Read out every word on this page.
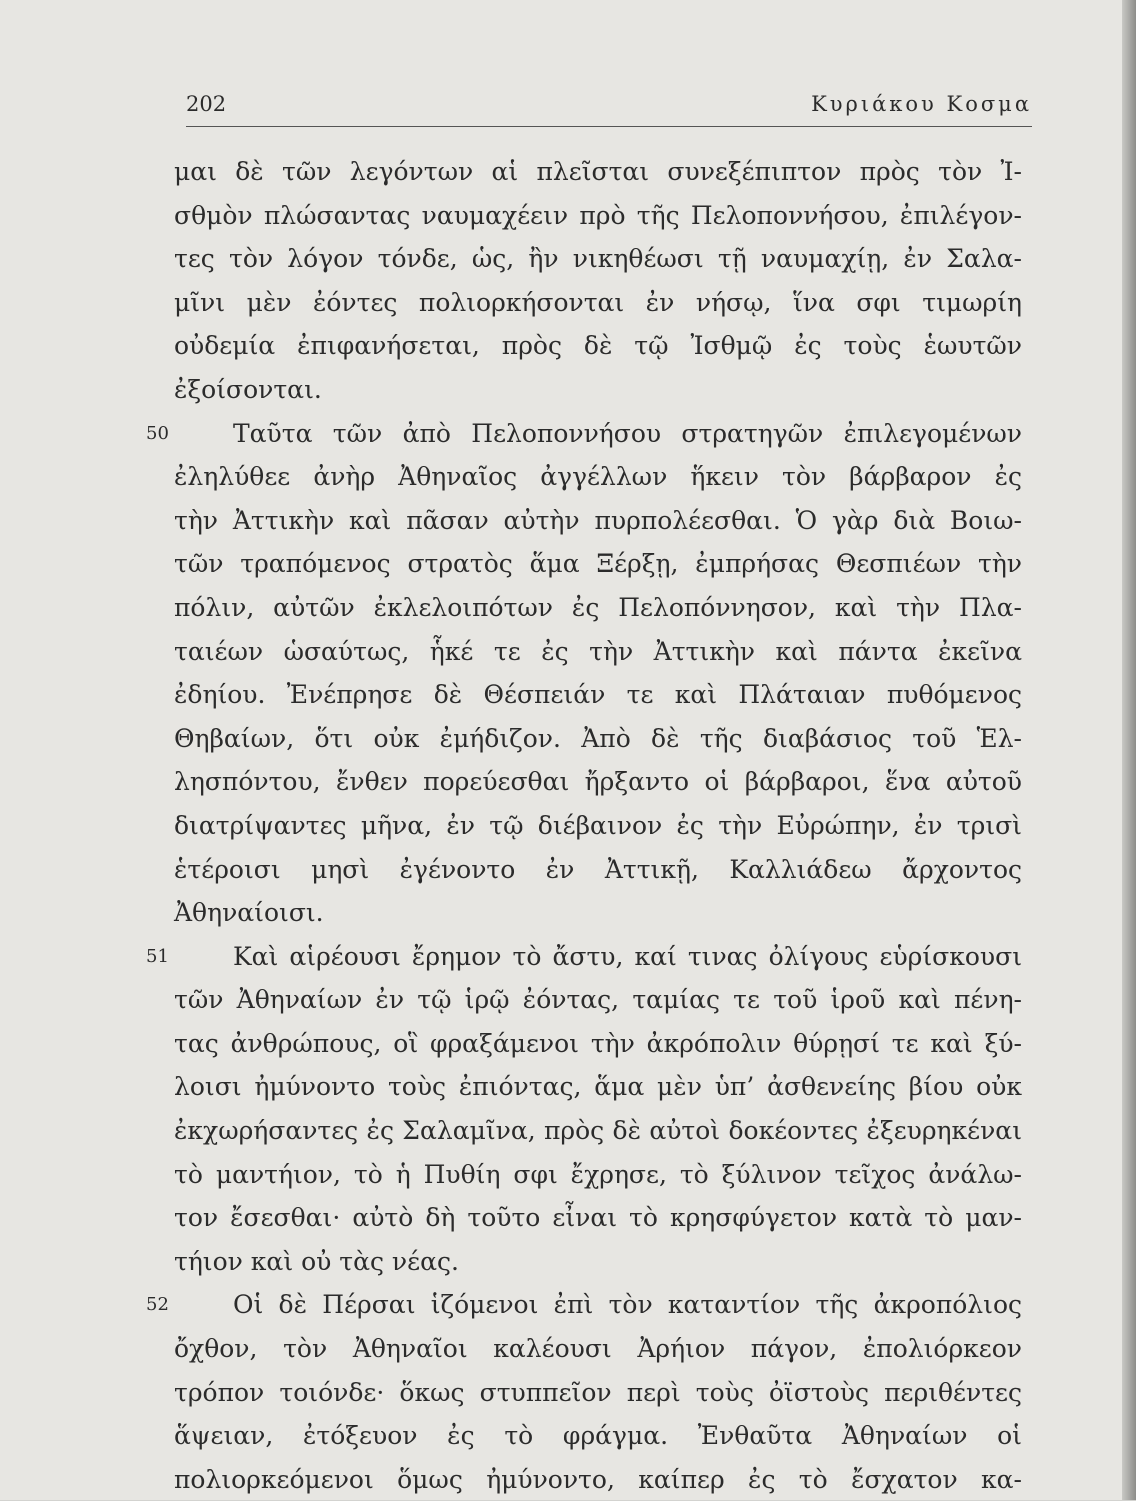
202	Κυριάκου Κοσμα
μαι δὲ τῶν λεγόντων αἱ πλεῖσται συνεξέπιπτον πρὸς τὸν Ἰ-
σθμὸν πλώσαντας ναυμαχέειν πρὸ τῆς Πελοποννήσου, ἐπιλέγον-
τες τὸν λόγον τόνδε, ὡς, ἢν νικηθέωσι τῇ ναυμαχίῃ, ἐν Σαλα-
μῖνι μὲν ἐόντες πολιορκήσονται ἐν νήσῳ, ἵνα σφι τιμωρίη
οὐδεμία ἐπιφανήσεται, πρὸς δὲ τῷ Ἰσθμῷ ἐς τοὺς ἑωυτῶν
ἐξοίσονται.
50	Ταῦτα τῶν ἀπὸ Πελοποννήσου στρατηγῶν ἐπιλεγομένων
ἐληλύθεε ἀνὴρ Ἀθηναῖος ἀγγέλλων ἥκειν τὸν βάρβαρον ἐς
τὴν Ἀττικὴν καὶ πᾶσαν αὐτὴν πυρπολέεσθαι. Ὁ γὰρ διὰ Βοιω-
τῶν τραπόμενος στρατὸς ἅμα Ξέρξῃ, ἐμπρήσας Θεσπιέων τὴν
πόλιν, αὐτῶν ἐκλελοιπότων ἐς Πελοπόννησον, καὶ τὴν Πλα-
ταιέων ὡσαύτως, ἧκέ τε ἐς τὴν Ἀττικὴν καὶ πάντα ἐκεῖνα
ἐδηίου. Ἐνέπρησε δὲ Θέσπειάν τε καὶ Πλάταιαν πυθόμενος
Θηβαίων, ὅτι οὐκ ἐμήδιζον. Ἀπὸ δὲ τῆς διαβάσιος τοῦ Ἑλ-
λησπόντου, ἔνθεν πορεύεσθαι ἤρξαντο οἱ βάρβαροι, ἕνα αὐτοῦ
διατρίψαντες μῆνα, ἐν τῷ διέβαινον ἐς τὴν Εὐρώπην, ἐν τρισὶ
ἑτέροισι μησὶ ἐγένοντο ἐν Ἀττικῇ, Καλλιάδεω ἄρχοντος
Ἀθηναίοισι.
51	Καὶ αἱρέουσι ἔρημον τὸ ἄστυ, καί τινας ὀλίγους εὑρίσκουσι
τῶν Ἀθηναίων ἐν τῷ ἱρῷ ἐόντας, ταμίας τε τοῦ ἱροῦ καὶ πένη-
τας ἀνθρώπους, οἳ φραξάμενοι τὴν ἀκρόπολιν θύρῃσί τε καὶ ξύ-
λοισι ἠμύνοντο τοὺς ἐπιόντας, ἅμα μὲν ὑπ’ ἀσθενείης βίου οὐκ
ἐκχωρήσαντες ἐς Σαλαμῖνα, πρὸς δὲ αὐτοὶ δοκέοντες ἐξευρηκέναι
τὸ μαντήιον, τὸ ἡ Πυθίη σφι ἔχρησε, τὸ ξύλινον τεῖχος ἀνάλω-
τον ἔσεσθαι· αὐτὸ δὴ τοῦτο εἶναι τὸ κρησφύγετον κατὰ τὸ μαν-
τήιον καὶ οὐ τὰς νέας.
52	Οἱ δὲ Πέρσαι ἱζόμενοι ἐπὶ τὸν καταντίον τῆς ἀκροπόλιος
ὄχθον, τὸν Ἀθηναῖοι καλέουσι Ἀρήιον πάγον, ἐπολιόρκεον
τρόπον τοιόνδε· ὅκως στυππεῖον περὶ τοὺς ὀϊστοὺς περιθέντες
ἅψειαν, ἐτόξευον ἐς τὸ φράγμα. Ἐνθαῦτα Ἀθηναίων οἱ
πολιορκεόμενοι ὅμως ἠμύνοντο, καίπερ ἐς τὸ ἔσχατον κα-
